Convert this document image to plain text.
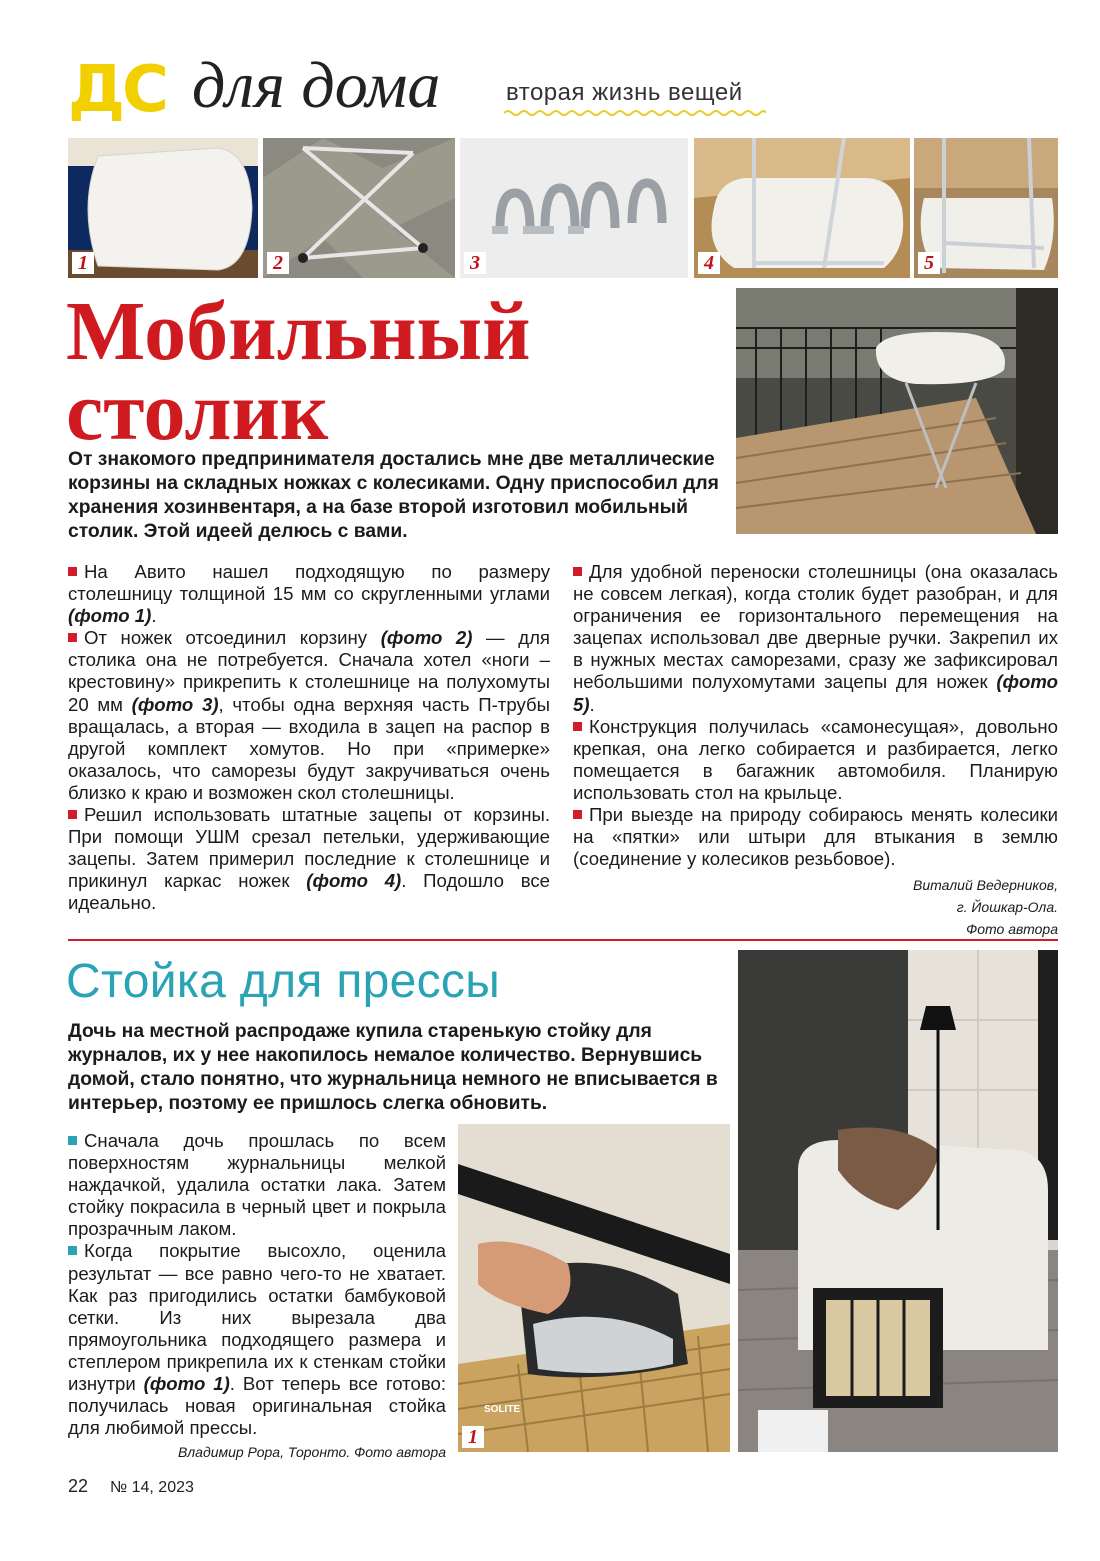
ДС для дома	вторая жизнь вещей
1	2	3	4	5
Мобильный
столик
От знакомого предпринимателя достались мне две металлические корзины на складных ножках с колесиками. Одну приспособил для хранения хозинвентаря, а на базе второй изготовил мобильный столик. Этой идеей делюсь с вами.

На Авито нашел подходящую по размеру столешницу толщиной 15 мм со скругленными углами (фото 1).

От ножек отсоединил корзину (фото 2) — для столика она не потребуется. Сначала хотел «ноги – крестовину» прикрепить к столешнице на полухомуты 20 мм (фото 3), чтобы одна верхняя часть П-трубы вращалась, а вторая — входила в зацеп на распор в другой комплект хомутов. Но при «примерке» оказалось, что саморезы будут закручиваться очень близко к краю и возможен скол столешницы.

Решил использовать штатные зацепы от корзины. При помощи УШМ срезал петельки, удерживающие зацепы. Затем примерил последние к столешнице и прикинул каркас ножек (фото 4). Подошло все идеально.

Для удобной переноски столешницы (она оказалась не совсем легкая), когда столик будет разобран, и для ограничения ее горизонтального перемещения на зацепах использовал две дверные ручки. Закрепил их в нужных местах саморезами, сразу же зафиксировал небольшими полухомутами зацепы для ножек (фото 5).

Конструкция получилась «самонесущая», довольно крепкая, она легко собирается и разбирается, легко помещается в багажник автомобиля. Планирую использовать стол на крыльце.

При выезде на природу собираюсь менять колесики на «пятки» или штыри для втыкания в землю (соединение у колесиков резьбовое).

Виталий Ведерников,
г. Йошкар-Ола.
Фото автора
Стойка для прессы
Дочь на местной распродаже купила старенькую стойку для журналов, их у нее накопилось немалое количество. Вернувшись домой, стало понятно, что журнальница немного не вписывается в интерьер, поэтому ее пришлось слегка обновить.

Сначала дочь прошлась по всем поверхностям журнальницы мелкой наждачкой, удалила остатки лака. Затем стойку покрасила в черный цвет и покрыла прозрачным лаком.

Когда покрытие высохло, оценила результат — все равно чего-то не хватает. Как раз пригодились остатки бамбуковой сетки. Из них вырезала два прямоугольника подходящего размера и степлером прикрепила их к стенкам стойки изнутри (фото 1). Вот теперь все готово: получилась новая оригинальная стойка для любимой прессы.

Владимир Рора, Торонто. Фото автора
SOLITE
1
22 № 14, 2023
